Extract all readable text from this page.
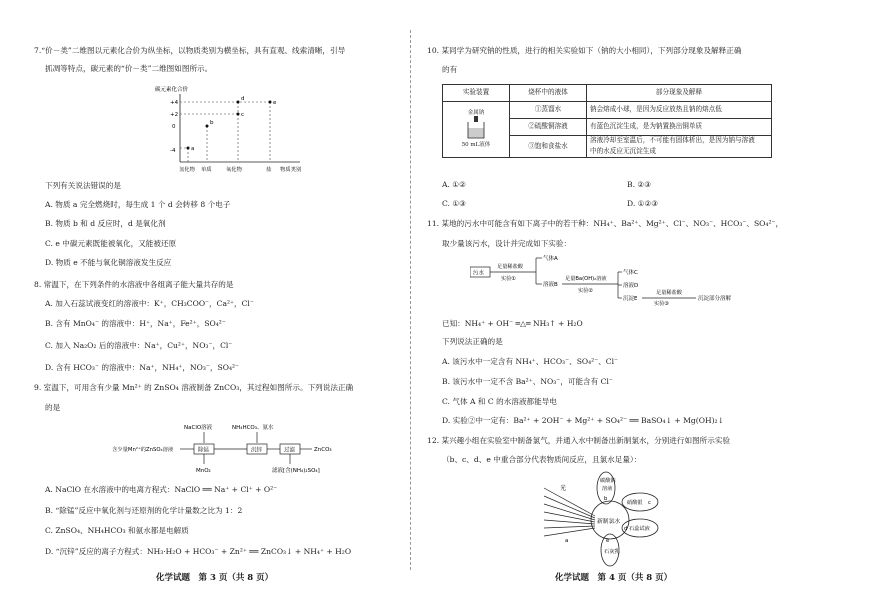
7.“价－类”二维图以元素化合价为纵坐标，以物质类别为横坐标，具有直观、线索清晰，引导
抓凋等特点，碳元素的“价－类”二维图如图所示。
碳元素化合价
+4
+2
0
-4	a
b
c
d
e
氢化物 单质	氧化物	盐 物质类别
下列有关说法错误的是
A. 物质 a 完全燃烧时，每生成 1 个 d 会转移 8 个电子
B. 物质 b 和 d 反应时，d 是氧化剂
C. e 中碳元素既能被氧化，又能被还原
D. 物质 e 不能与氧化铜溶液发生反应
8. 常温下，在下列条件的水溶液中各组离子能大量共存的是
A. 加入石蕊试液变红的溶液中：K⁺，CH₃COO⁻，Ca²⁺，Cl⁻
B. 含有 MnO₄⁻ 的溶液中：H⁺，Na⁺，Fe²⁺，SO₄²⁻
C. 加入 Na₂O₂ 后的溶液中：Na⁺，Cu²⁺，NO₃⁻，Cl⁻
D. 含有 HCO₃⁻ 的溶液中：Na⁺，NH₄⁺，NO₃⁻，SO₄²⁻
9. 室温下，可用含有少量 Mn²⁺ 的 ZnSO₄ 溶液制备 ZnCO₃，其过程如图所示。下列说法正确
的是
NaClO溶液	NH₄HCO₃、氨水
含少量Mn²⁺的ZnSO₄溶液	除锰	沉锌	过滤	ZnCO₃
MnO₂	滤液[含(NH₄)₂SO₄]
A. NaClO 在水溶液中的电离方程式：NaClO ══ Na⁺ + Cl⁺ + O²⁻
B. “除锰”反应中氧化剂与还原剂的化学计量数之比为 1：2
C. ZnSO₄、NH₄HCO₃ 和氨水都是电解质
D. “沉锌”反应的离子方程式：NH₃·H₂O + HCO₃⁻ + Zn²⁺ ══ ZnCO₃↓ + NH₄⁺ + H₂O
化学试题　第 3 页（共 8 页）
10. 某同学为研究钠的性质，进行的相关实验如下（钠的大小相同），下列部分现象及解释正确
的有
实验装置	烧杯中的液体	部分现象及解释

金属钠
50 mL液体	①蒸馏水	钠会熔成小球，是因为反应放热且钠的熔点低
	②硫酸铜溶液	有蓝色沉淀生成，是为钠置换出铜单质
	③饱和食盐水	溶液冷却至室温后，不可能有固体析出，是因为钠与溶液
中的水反应无沉淀生成
A. ①②	B. ②③
C. ①③	D. ①②③
11. 某地的污水中可能含有如下离子中的若干种：NH₄⁺、Ba²⁺、Mg²⁺、Cl⁻、NO₃⁻、HCO₃⁻、SO₄²⁻，
取少量该污水，设计并完成如下实验：
污水
足量稀盐酸
实验①
气体A
溶液B
足量Ba(OH)₂溶液
实验②
气体C
溶液D
沉淀E
足量稀盐酸
实验③
沉淀部分溶解
已知：NH₄⁺ + OH⁻ ═△═ NH₃↑ + H₂O
下列说法正确的是
A. 该污水中一定含有 NH₄⁺、HCO₃⁻、SO₄²⁻、Cl⁻
B. 该污水中一定不含 Ba²⁺、NO₃⁻，可能含有 Cl⁻
C. 气体 A 和 C 的水溶液都能导电
D. 实验②中一定有：Ba²⁺ + 2OH⁻ + Mg²⁺ + SO₄²⁻ ══ BaSO₄↓ + Mg(OH)₂↓
12. 某兴趣小组在实验室中制备氯气，并通入水中制备出新制氯水，分别进行如图所示实验
（b、c、d、e 中重合部分代表物质间反应，且氯水足量）：
光
a
新制氯水
碳酸钠
溶液
b
硝酸银 c
d 石蕊试液
e
石灰乳
化学试题　第 4 页（共 8 页）
